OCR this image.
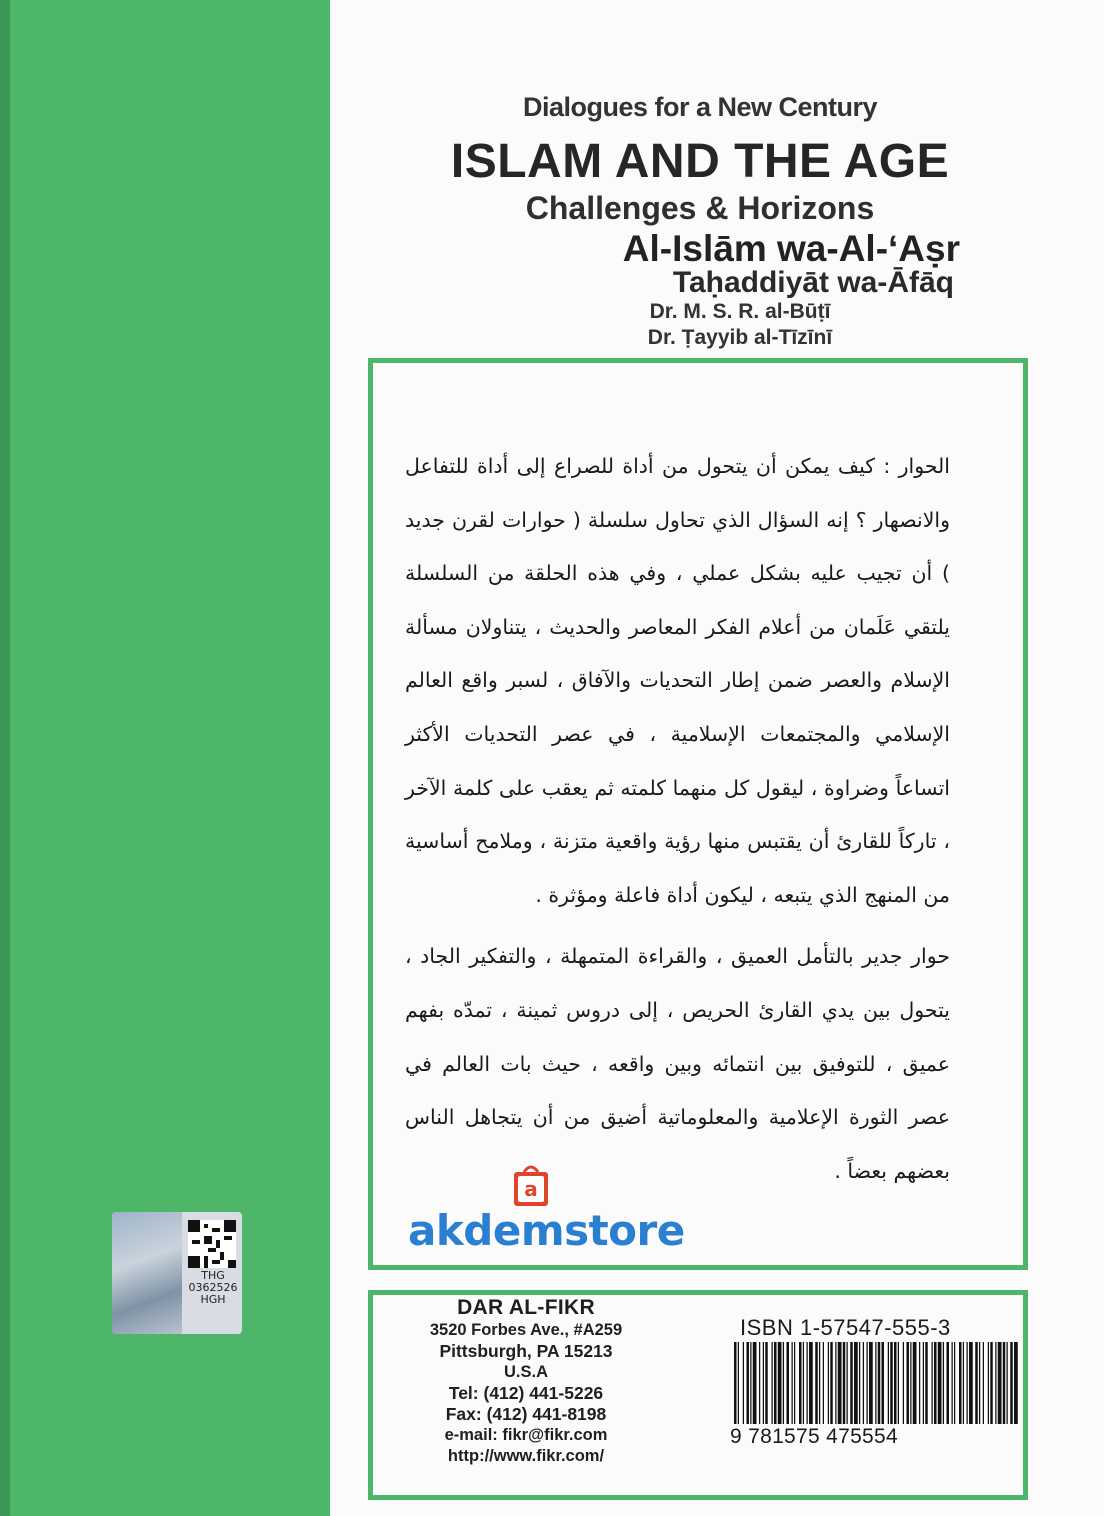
THG
0362526
HGH
Dialogues for a New Century
ISLAM AND THE AGE
Challenges & Horizons
Al-Islām wa-Al-‘Aṣr
Taḥaddiyāt wa-Āfāq
Dr. M. S. R. al-Būṭī
Dr. Ṭayyib al-Tīzīnī

الحوار : كيف يمكن أن يتحول من أداة للصراع إلى أداة للتفاعل والانصهار ؟ إنه السؤال الذي تحاول سلسلة ( حوارات لقرن جديد ) أن تجيب عليه بشكل عملي ، وفي هذه الحلقة من السلسلة يلتقي عَلَمان من أعلام الفكر المعاصر والحديث ، يتناولان مسألة الإسلام والعصر ضمن إطار التحديات والآفاق ، لسبر واقع العالم الإسلامي والمجتمعات الإسلامية ، في عصر التحديات الأكثر اتساعاً وضراوة ، ليقول كل منهما كلمته ثم يعقب على كلمة الآخر ، تاركاً للقارئ أن يقتبس منها رؤية واقعية متزنة ، وملامح أساسية من المنهج الذي يتبعه ، ليكون أداة فاعلة ومؤثرة .

حوار جدير بالتأمل العميق ، والقراءة المتمهلة ، والتفكير الجاد ، يتحول بين يدي القارئ الحريص ، إلى دروس ثمينة ، تمدّه بفهم عميق ، للتوفيق بين انتمائه وبين واقعه ، حيث بات العالم في عصر الثورة الإعلامية والمعلوماتية أضيق من أن يتجاهل الناس بعضهم بعضاً .

a
akdemstore
DAR AL-FIKR
3520 Forbes Ave., #A259
Pittsburgh, PA 15213
U.S.A
Tel: (412) 441-5226
Fax: (412) 441-8198
e-mail: fikr@fikr.com
http://www.fikr.com/
ISBN 1-57547-555-3
9 781575 475554
